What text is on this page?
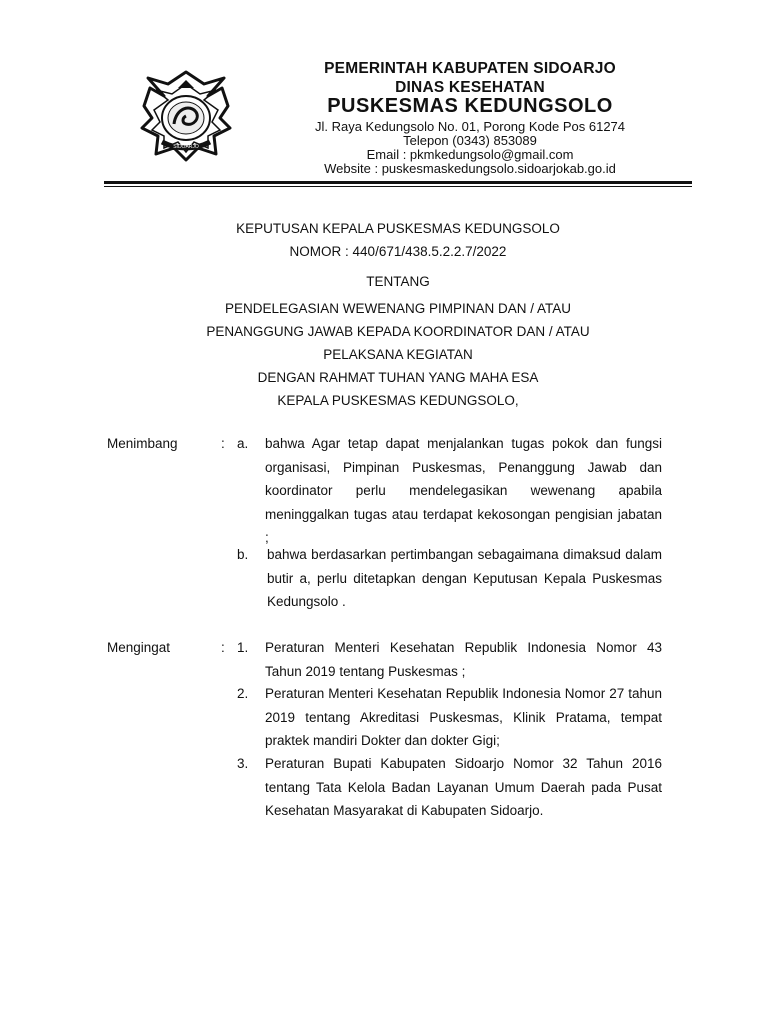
SIDOARJO
PEMERINTAH KABUPATEN SIDOARJO
DINAS KESEHATAN
PUSKESMAS KEDUNGSOLO
Jl. Raya Kedungsolo No. 01, Porong Kode Pos 61274
Telepon (0343) 853089
Email : pkmkedungsolo@gmail.com
Website : puskesmaskedungsolo.sidoarjokab.go.id
KEPUTUSAN KEPALA PUSKESMAS KEDUNGSOLO
NOMOR : 440/671/438.5.2.2.7/2022
TENTANG
PENDELEGASIAN WEWENANG PIMPINAN DAN / ATAU
PENANGGUNG JAWAB KEPADA KOORDINATOR DAN / ATAU
PELAKSANA KEGIATAN
DENGAN RAHMAT TUHAN YANG MAHA ESA
KEPALA PUSKESMAS KEDUNGSOLO,
Menimbang	: a. bahwa Agar tetap dapat menjalankan tugas pokok dan fungsi organisasi, Pimpinan Puskesmas, Penanggung Jawab dan koordinator perlu mendelegasikan wewenang apabila meninggalkan tugas atau terdapat kekosongan pengisian jabatan ;
b. bahwa berdasarkan pertimbangan sebagaimana dimaksud dalam butir a, perlu ditetapkan dengan Keputusan Kepala Puskesmas Kedungsolo .
Mengingat	: 1. Peraturan Menteri Kesehatan Republik Indonesia Nomor 43 Tahun 2019 tentang Puskesmas ;
2. Peraturan Menteri Kesehatan Republik Indonesia Nomor 27 tahun 2019 tentang Akreditasi Puskesmas, Klinik Pratama, tempat praktek mandiri Dokter dan dokter Gigi;
3. Peraturan Bupati Kabupaten Sidoarjo Nomor 32 Tahun 2016 tentang Tata Kelola Badan Layanan Umum Daerah pada Pusat Kesehatan Masyarakat di Kabupaten Sidoarjo.
